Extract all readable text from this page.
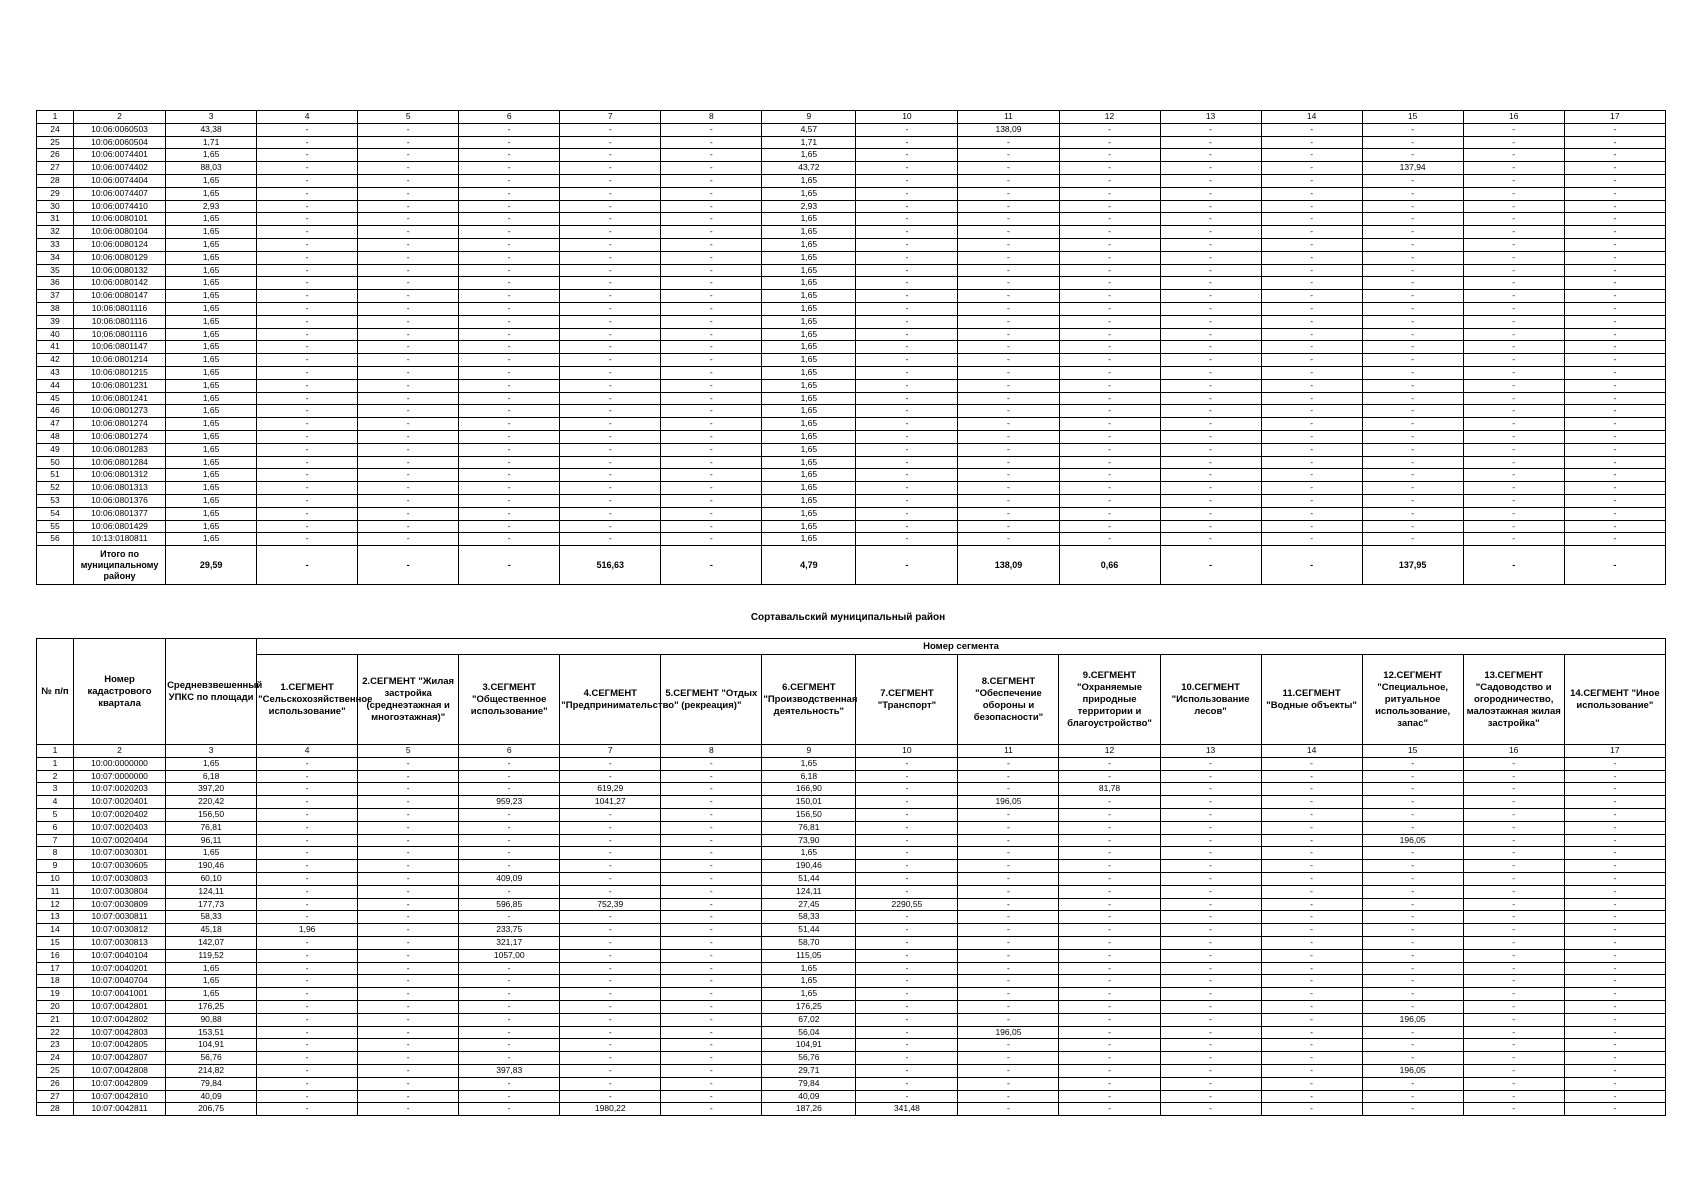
1	2	3	4	5	6	7	8	9	10	11	12	13	14	15	16	17
24	10:06:0060503	43,38	-	-	-	-	-	4,57	-	138,09	-	-	-	-	-	-
25	10:06:0060504	1,71	-	-	-	-	-	1,71	-	-	-	-	-	-	-	-
26	10:06:0074401	1,65	-	-	-	-	-	1,65	-	-	-	-	-	-	-	-
27	10:06:0074402	88,03	-	-	-	-	-	43,72	-	-	-	-	-	137,94	-	-
28	10:06:0074404	1,65	-	-	-	-	-	1,65	-	-	-	-	-	-	-	-
29	10:06:0074407	1,65	-	-	-	-	-	1,65	-	-	-	-	-	-	-	-
30	10:06:0074410	2,93	-	-	-	-	-	2,93	-	-	-	-	-	-	-	-
31	10:06:0080101	1,65	-	-	-	-	-	1,65	-	-	-	-	-	-	-	-
32	10:06:0080104	1,65	-	-	-	-	-	1,65	-	-	-	-	-	-	-	-
33	10:06:0080124	1,65	-	-	-	-	-	1,65	-	-	-	-	-	-	-	-
34	10:06:0080129	1,65	-	-	-	-	-	1,65	-	-	-	-	-	-	-	-
35	10:06:0080132	1,65	-	-	-	-	-	1,65	-	-	-	-	-	-	-	-
36	10:06:0080142	1,65	-	-	-	-	-	1,65	-	-	-	-	-	-	-	-
37	10:06:0080147	1,65	-	-	-	-	-	1,65	-	-	-	-	-	-	-	-
38	10:06:0801116	1,65	-	-	-	-	-	1,65	-	-	-	-	-	-	-	-
39	10:06:0801116	1,65	-	-	-	-	-	1,65	-	-	-	-	-	-	-	-
40	10:06:0801116	1,65	-	-	-	-	-	1,65	-	-	-	-	-	-	-	-
41	10:06:0801147	1,65	-	-	-	-	-	1,65	-	-	-	-	-	-	-	-
42	10:06:0801214	1,65	-	-	-	-	-	1,65	-	-	-	-	-	-	-	-
43	10:06:0801215	1,65	-	-	-	-	-	1,65	-	-	-	-	-	-	-	-
44	10:06:0801231	1,65	-	-	-	-	-	1,65	-	-	-	-	-	-	-	-
45	10:06:0801241	1,65	-	-	-	-	-	1,65	-	-	-	-	-	-	-	-
46	10:06:0801273	1,65	-	-	-	-	-	1,65	-	-	-	-	-	-	-	-
47	10:06:0801274	1,65	-	-	-	-	-	1,65	-	-	-	-	-	-	-	-
48	10:06:0801274	1,65	-	-	-	-	-	1,65	-	-	-	-	-	-	-	-
49	10:06:0801283	1,65	-	-	-	-	-	1,65	-	-	-	-	-	-	-	-
50	10:06:0801284	1,65	-	-	-	-	-	1,65	-	-	-	-	-	-	-	-
51	10:06:0801312	1,65	-	-	-	-	-	1,65	-	-	-	-	-	-	-	-
52	10:06:0801313	1,65	-	-	-	-	-	1,65	-	-	-	-	-	-	-	-
53	10:06:0801376	1,65	-	-	-	-	-	1,65	-	-	-	-	-	-	-	-
54	10:06:0801377	1,65	-	-	-	-	-	1,65	-	-	-	-	-	-	-	-
55	10:06:0801429	1,65	-	-	-	-	-	1,65	-	-	-	-	-	-	-	-
56	10:13:0180811	1,65	-	-	-	-	-	1,65	-	-	-	-	-	-	-	-
	Итого по муниципальному району	29,59	-	-	-	516,63	-	4,79	-	138,09	0,66	-	-	137,95	-	-
Сортавальский муниципальный район
№ п/п	Номер кадастрового квартала	Средневзвешенный УПКС по площади	Номер сегмента													
			1.СЕГМЕНТ "Сельскохозяйственное использование"	2.СЕГМЕНТ "Жилая застройка (среднеэтажная и многоэтажная)"	3.СЕГМЕНТ "Общественное использование"	4.СЕГМЕНТ "Предпринимательство"	5.СЕГМЕНТ "Отдых (рекреация)"	6.СЕГМЕНТ "Производственная деятельность"	7.СЕГМЕНТ "Транспорт"	8.СЕГМЕНТ "Обеспечение обороны и безопасности"	9.СЕГМЕНТ "Охраняемые природные территории и благоустройство"	10.СЕГМЕНТ "Использование лесов"	11.СЕГМЕНТ "Водные объекты"	12.СЕГМЕНТ "Специальное, ритуальное использование, запас"	13.СЕГМЕНТ "Садоводство и огородничество, малоэтажная жилая застройка"	14.СЕГМЕНТ "Иное использование"
1	2	3	4	5	6	7	8	9	10	11	12	13	14	15	16	17
1	10:00:0000000	1,65	-	-	-	-	-	1,65	-	-	-	-	-	-	-	-
2	10:07:0000000	6,18	-	-	-	-	-	6,18	-	-	-	-	-	-	-	-
3	10:07:0020203	397,20	-	-	-	619,29	-	166,90	-	-	81,78	-	-	-	-	-
4	10:07:0020401	220,42	-	-	959,23	1041,27	-	150,01	-	196,05	-	-	-	-	-	-
5	10:07:0020402	156,50	-	-	-	-	-	156,50	-	-	-	-	-	-	-	-
6	10:07:0020403	76,81	-	-	-	-	-	76,81	-	-	-	-	-	-	-	-
7	10:07:0020404	96,11	-	-	-	-	-	73,90	-	-	-	-	-	196,05	-	-
8	10:07:0030301	1,65	-	-	-	-	-	1,65	-	-	-	-	-	-	-	-
9	10:07:0030605	190,46	-	-	-	-	-	190,46	-	-	-	-	-	-	-	-
10	10:07:0030803	60,10	-	-	409,09	-	-	51,44	-	-	-	-	-	-	-	-
11	10:07:0030804	124,11	-	-	-	-	-	124,11	-	-	-	-	-	-	-	-
12	10:07:0030809	177,73	-	-	596,85	752,39	-	27,45	2290,55	-	-	-	-	-	-	-
13	10:07:0030811	58,33	-	-	-	-	-	58,33	-	-	-	-	-	-	-	-
14	10:07:0030812	45,18	1,96	-	233,75	-	-	51,44	-	-	-	-	-	-	-	-
15	10:07:0030813	142,07	-	-	321,17	-	-	58,70	-	-	-	-	-	-	-	-
16	10:07:0040104	119,52	-	-	1057,00	-	-	115,05	-	-	-	-	-	-	-	-
17	10:07:0040201	1,65	-	-	-	-	-	1,65	-	-	-	-	-	-	-	-
18	10:07:0040704	1,65	-	-	-	-	-	1,65	-	-	-	-	-	-	-	-
19	10:07:0041001	1,65	-	-	-	-	-	1,65	-	-	-	-	-	-	-	-
20	10:07:0042801	176,25	-	-	-	-	-	176,25	-	-	-	-	-	-	-	-
21	10:07:0042802	90,88	-	-	-	-	-	67,02	-	-	-	-	-	196,05	-	-
22	10:07:0042803	153,51	-	-	-	-	-	56,04	-	196,05	-	-	-	-	-	-
23	10:07:0042805	104,91	-	-	-	-	-	104,91	-	-	-	-	-	-	-	-
24	10:07:0042807	56,76	-	-	-	-	-	56,76	-	-	-	-	-	-	-	-
25	10:07:0042808	214,82	-	-	397,83	-	-	29,71	-	-	-	-	-	196,05	-	-
26	10:07:0042809	79,84	-	-	-	-	-	79,84	-	-	-	-	-	-	-	-
27	10:07:0042810	40,09	-	-	-	-	-	40,09	-	-	-	-	-	-	-	-
28	10:07:0042811	206,75	-	-	-	1980,22	-	187,26	341,48	-	-	-	-	-	-	-
